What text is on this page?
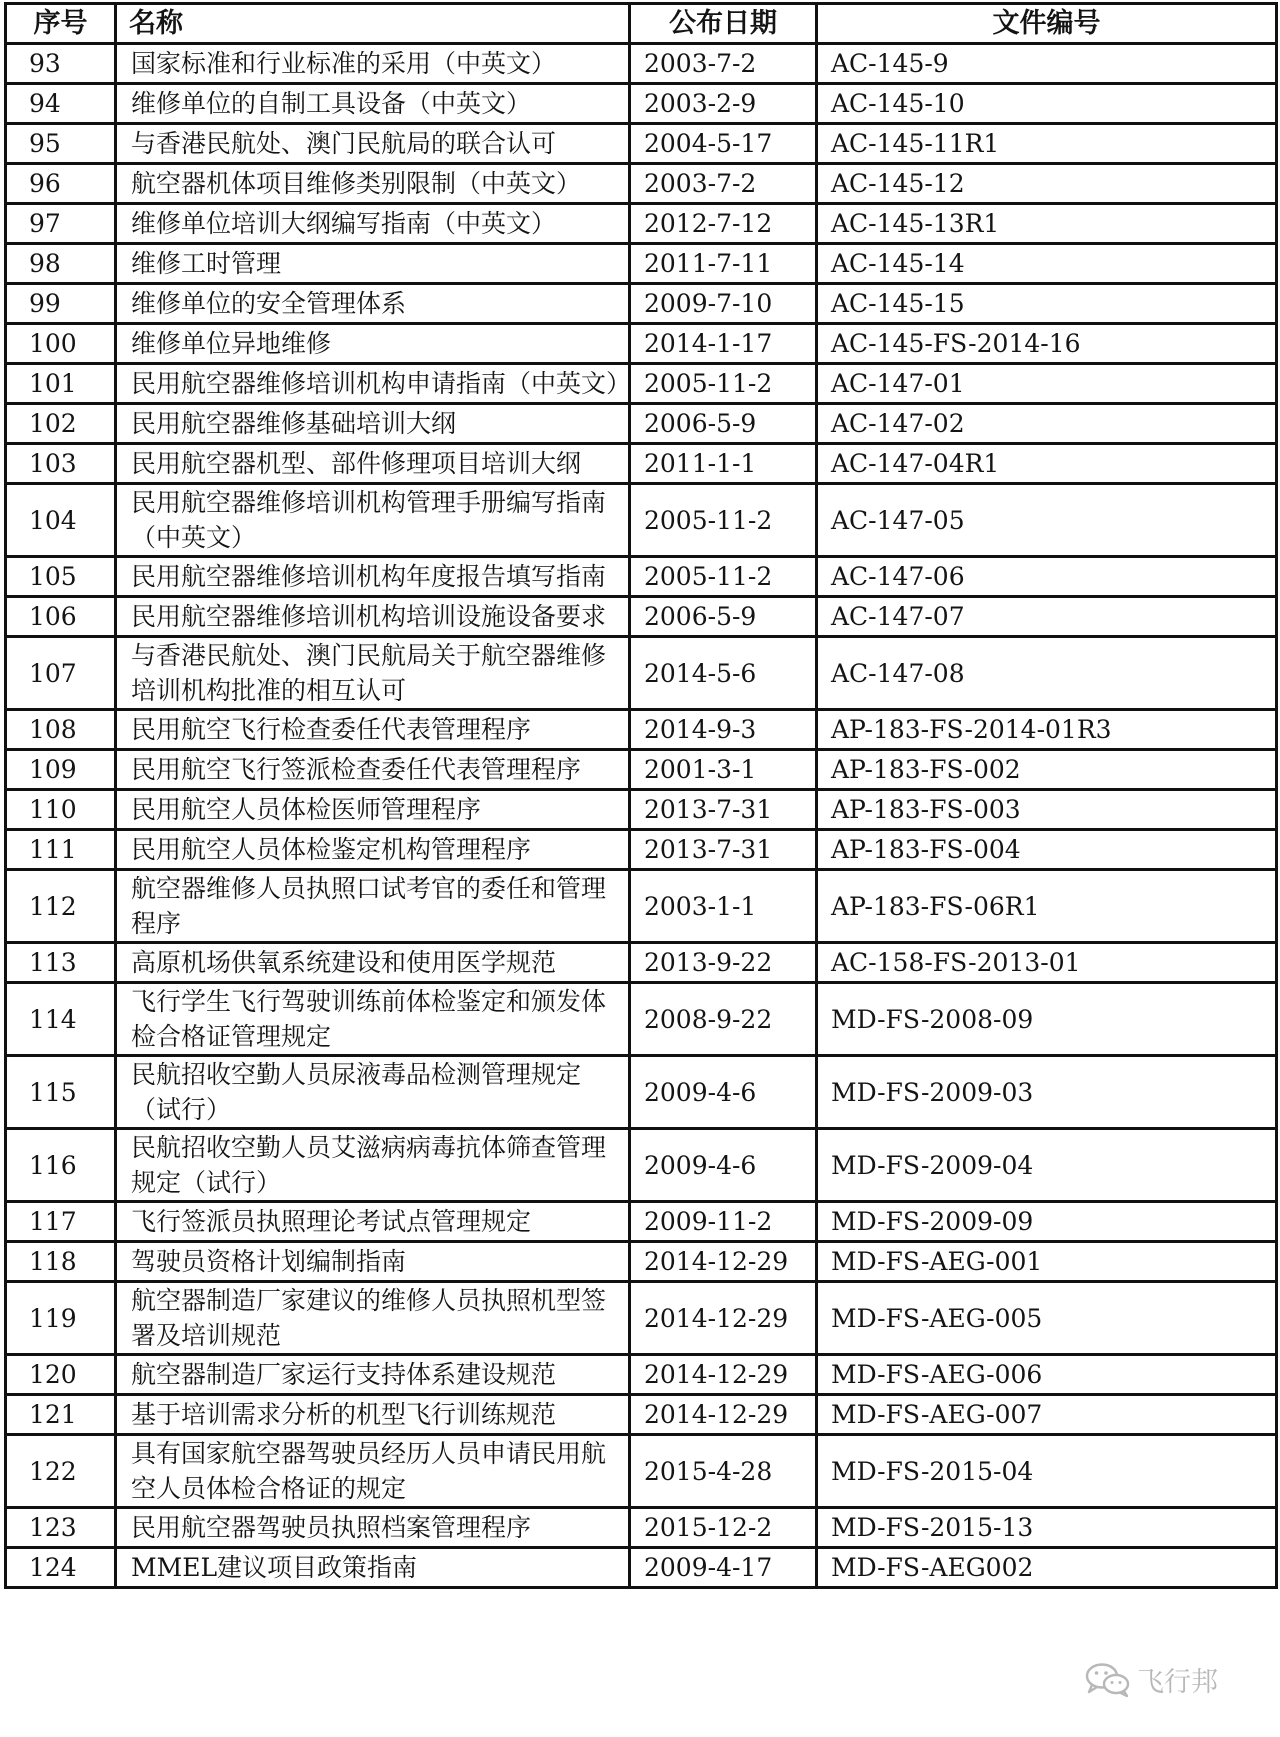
序号	名称	公布日期	文件编号
93	国家标准和行业标准的采用（中英文）	2003-7-2	AC-145-9
94	维修单位的自制工具设备（中英文）	2003-2-9	AC-145-10
95	与香港民航处、澳门民航局的联合认可	2004-5-17	AC-145-11R1
96	航空器机体项目维修类别限制（中英文）	2003-7-2	AC-145-12
97	维修单位培训大纲编写指南（中英文）	2012-7-12	AC-145-13R1
98	维修工时管理	2011-7-11	AC-145-14
99	维修单位的安全管理体系	2009-7-10	AC-145-15
100	维修单位异地维修	2014-1-17	AC-145-FS-2014-16
101	民用航空器维修培训机构申请指南（中英文）	2005-11-2	AC-147-01
102	民用航空器维修基础培训大纲	2006-5-9	AC-147-02
103	民用航空器机型、部件修理项目培训大纲	2011-1-1	AC-147-04R1
104	民用航空器维修培训机构管理手册编写指南（中英文）	2005-11-2	AC-147-05
105	民用航空器维修培训机构年度报告填写指南	2005-11-2	AC-147-06
106	民用航空器维修培训机构培训设施设备要求	2006-5-9	AC-147-07
107	与香港民航处、澳门民航局关于航空器维修培训机构批准的相互认可	2014-5-6	AC-147-08
108	民用航空飞行检查委任代表管理程序	2014-9-3	AP-183-FS-2014-01R3
109	民用航空飞行签派检查委任代表管理程序	2001-3-1	AP-183-FS-002
110	民用航空人员体检医师管理程序	2013-7-31	AP-183-FS-003
111	民用航空人员体检鉴定机构管理程序	2013-7-31	AP-183-FS-004
112	航空器维修人员执照口试考官的委任和管理程序	2003-1-1	AP-183-FS-06R1
113	高原机场供氧系统建设和使用医学规范	2013-9-22	AC-158-FS-2013-01
114	飞行学生飞行驾驶训练前体检鉴定和颁发体检合格证管理规定	2008-9-22	MD-FS-2008-09
115	民航招收空勤人员尿液毒品检测管理规定（试行）	2009-4-6	MD-FS-2009-03
116	民航招收空勤人员艾滋病病毒抗体筛查管理规定（试行）	2009-4-6	MD-FS-2009-04
117	飞行签派员执照理论考试点管理规定	2009-11-2	MD-FS-2009-09
118	驾驶员资格计划编制指南	2014-12-29	MD-FS-AEG-001
119	航空器制造厂家建议的维修人员执照机型签署及培训规范	2014-12-29	MD-FS-AEG-005
120	航空器制造厂家运行支持体系建设规范	2014-12-29	MD-FS-AEG-006
121	基于培训需求分析的机型飞行训练规范	2014-12-29	MD-FS-AEG-007
122	具有国家航空器驾驶员经历人员申请民用航空人员体检合格证的规定	2015-4-28	MD-FS-2015-04
123	民用航空器驾驶员执照档案管理程序	2015-12-2	MD-FS-2015-13
124	MMEL建议项目政策指南	2009-4-17	MD-FS-AEG002
飞行邦
